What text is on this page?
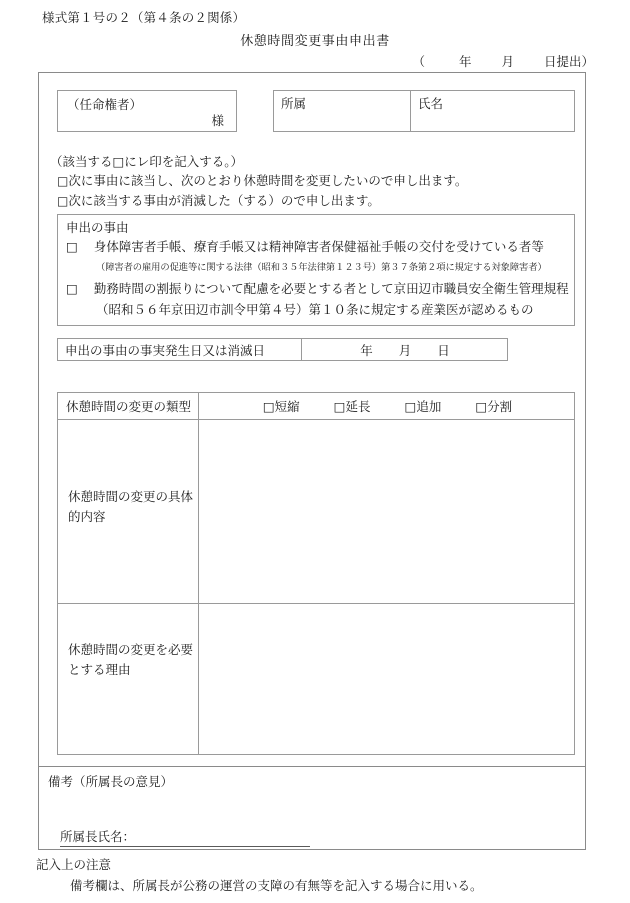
様式第１号の２（第４条の２関係）
休憩時間変更事由申出書
（	年 月 日提出）
（任命権者）
様
所属	氏名
（該当する□にレ印を記入する。）
□次に事由に該当し、次のとおり休憩時間を変更したいので申し出ます。
□次に該当する事由が消滅した（する）ので申し出ます。
申出の事由
□ 身体障害者手帳、療育手帳又は精神障害者保健福祉手帳の交付を受けている者等
（障害者の雇用の促進等に関する法律（昭和３５年法律第１２３号）第３７条第２項に規定する対象障害者）
□ 勤務時間の割振りについて配慮を必要とする者として京田辺市職員安全衛生管理規程
（昭和５６年京田辺市訓令甲第４号）第１０条に規定する産業医が認めるもの
申出の事由の事実発生日又は消滅日	年 月 日
休憩時間の変更の類型	□短縮	□延長	□追加	□分割
休憩時間の変更の具体的内容
休憩時間の変更を必要とする理由
備考（所属長の意見）
所属長氏名：
記入上の注意
備考欄は、所属長が公務の運営の支障の有無等を記入する場合に用いる。
